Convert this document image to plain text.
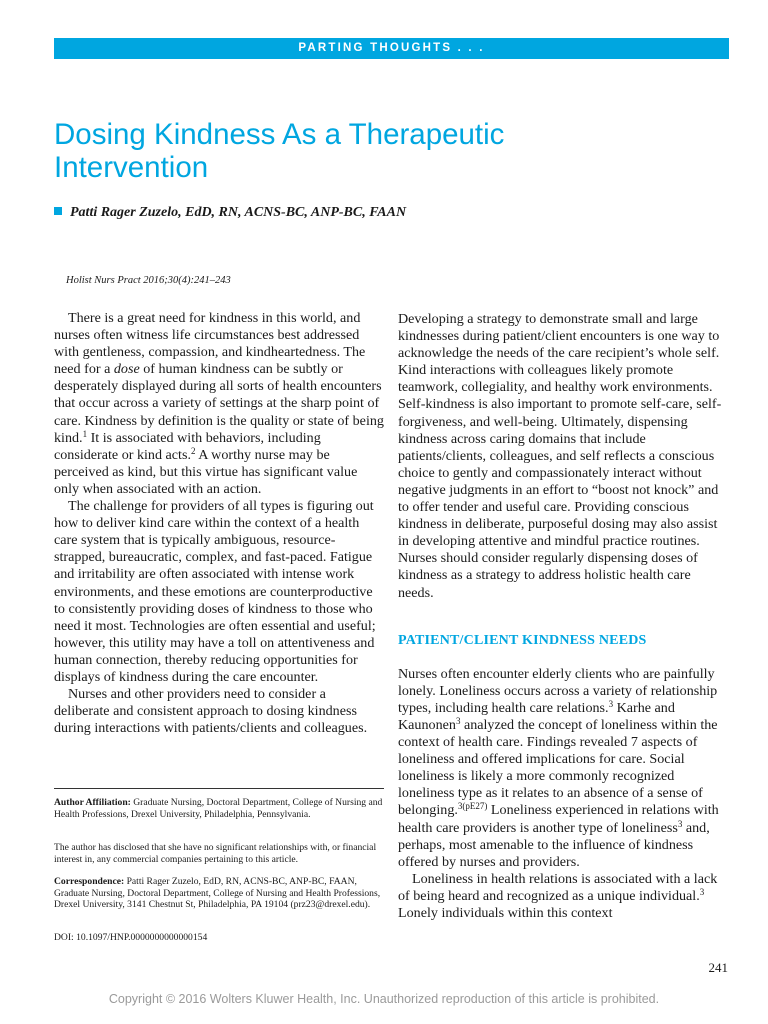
PARTING THOUGHTS . . .
Dosing Kindness As a Therapeutic
Intervention
Patti Rager Zuzelo, EdD, RN, ACNS-BC, ANP-BC, FAAN
Holist Nurs Pract 2016;30(4):241–243

There is a great need for kindness in this world, and nurses often witness life circumstances best addressed with gentleness, compassion, and kindheartedness. The need for a dose of human kindness can be subtly or desperately displayed during all sorts of health encounters that occur across a variety of settings at the sharp point of care. Kindness by definition is the quality or state of being kind.$^1$ It is associated with behaviors, including considerate or kind acts.$^2$ A worthy nurse may be perceived as kind, but this virtue has significant value only when associated with an action.

The challenge for providers of all types is figuring out how to deliver kind care within the context of a health care system that is typically ambiguous, resource-strapped, bureaucratic, complex, and fast-paced. Fatigue and irritability are often associated with intense work environments, and these emotions are counterproductive to consistently providing doses of kindness to those who need it most. Technologies are often essential and useful; however, this utility may have a toll on attentiveness and human connection, thereby reducing opportunities for displays of kindness during the care encounter.

Nurses and other providers need to consider a deliberate and consistent approach to dosing kindness during interactions with patients/clients and colleagues.

Author Affiliation: Graduate Nursing, Doctoral Department, College of Nursing and Health Professions, Drexel University, Philadelphia, Pennsylvania.
The author has disclosed that she have no significant relationships with, or financial interest in, any commercial companies pertaining to this article.
Correspondence: Patti Rager Zuzelo, EdD, RN, ACNS-BC, ANP-BC, FAAN, Graduate Nursing, Doctoral Department, College of Nursing and Health Professions, Drexel University, 3141 Chestnut St, Philadelphia, PA 19104 (prz23@drexel.edu).
DOI: 10.1097/HNP.0000000000000154

Developing a strategy to demonstrate small and large kindnesses during patient/client encounters is one way to acknowledge the needs of the care recipient’s whole self. Kind interactions with colleagues likely promote teamwork, collegiality, and healthy work environments. Self-kindness is also important to promote self-care, self-forgiveness, and well-being. Ultimately, dispensing kindness across caring domains that include patients/clients, colleagues, and self reflects a conscious choice to gently and compassionately interact without negative judgments in an effort to “boost not knock” and to offer tender and useful care. Providing conscious kindness in deliberate, purposeful dosing may also assist in developing attentive and mindful practice routines. Nurses should consider regularly dispensing doses of kindness as a strategy to address holistic health care needs.

PATIENT/CLIENT KINDNESS NEEDS

Nurses often encounter elderly clients who are painfully lonely. Loneliness occurs across a variety of relationship types, including health care relations.$^3$ Karhe and Kaunonen$^3$ analyzed the concept of loneliness within the context of health care. Findings revealed 7 aspects of loneliness and offered implications for care. Social loneliness is likely a more commonly recognized loneliness type as it relates to an absence of a sense of belonging.$^{3(pE27)}$ Loneliness experienced in relations with health care providers is another type of loneliness$^3$ and, perhaps, most amenable to the influence of kindness offered by nurses and providers.

Loneliness in health relations is associated with a lack of being heard and recognized as a unique individual.$^3$ Lonely individuals within this context

241
Copyright © 2016 Wolters Kluwer Health, Inc. Unauthorized reproduction of this article is prohibited.
